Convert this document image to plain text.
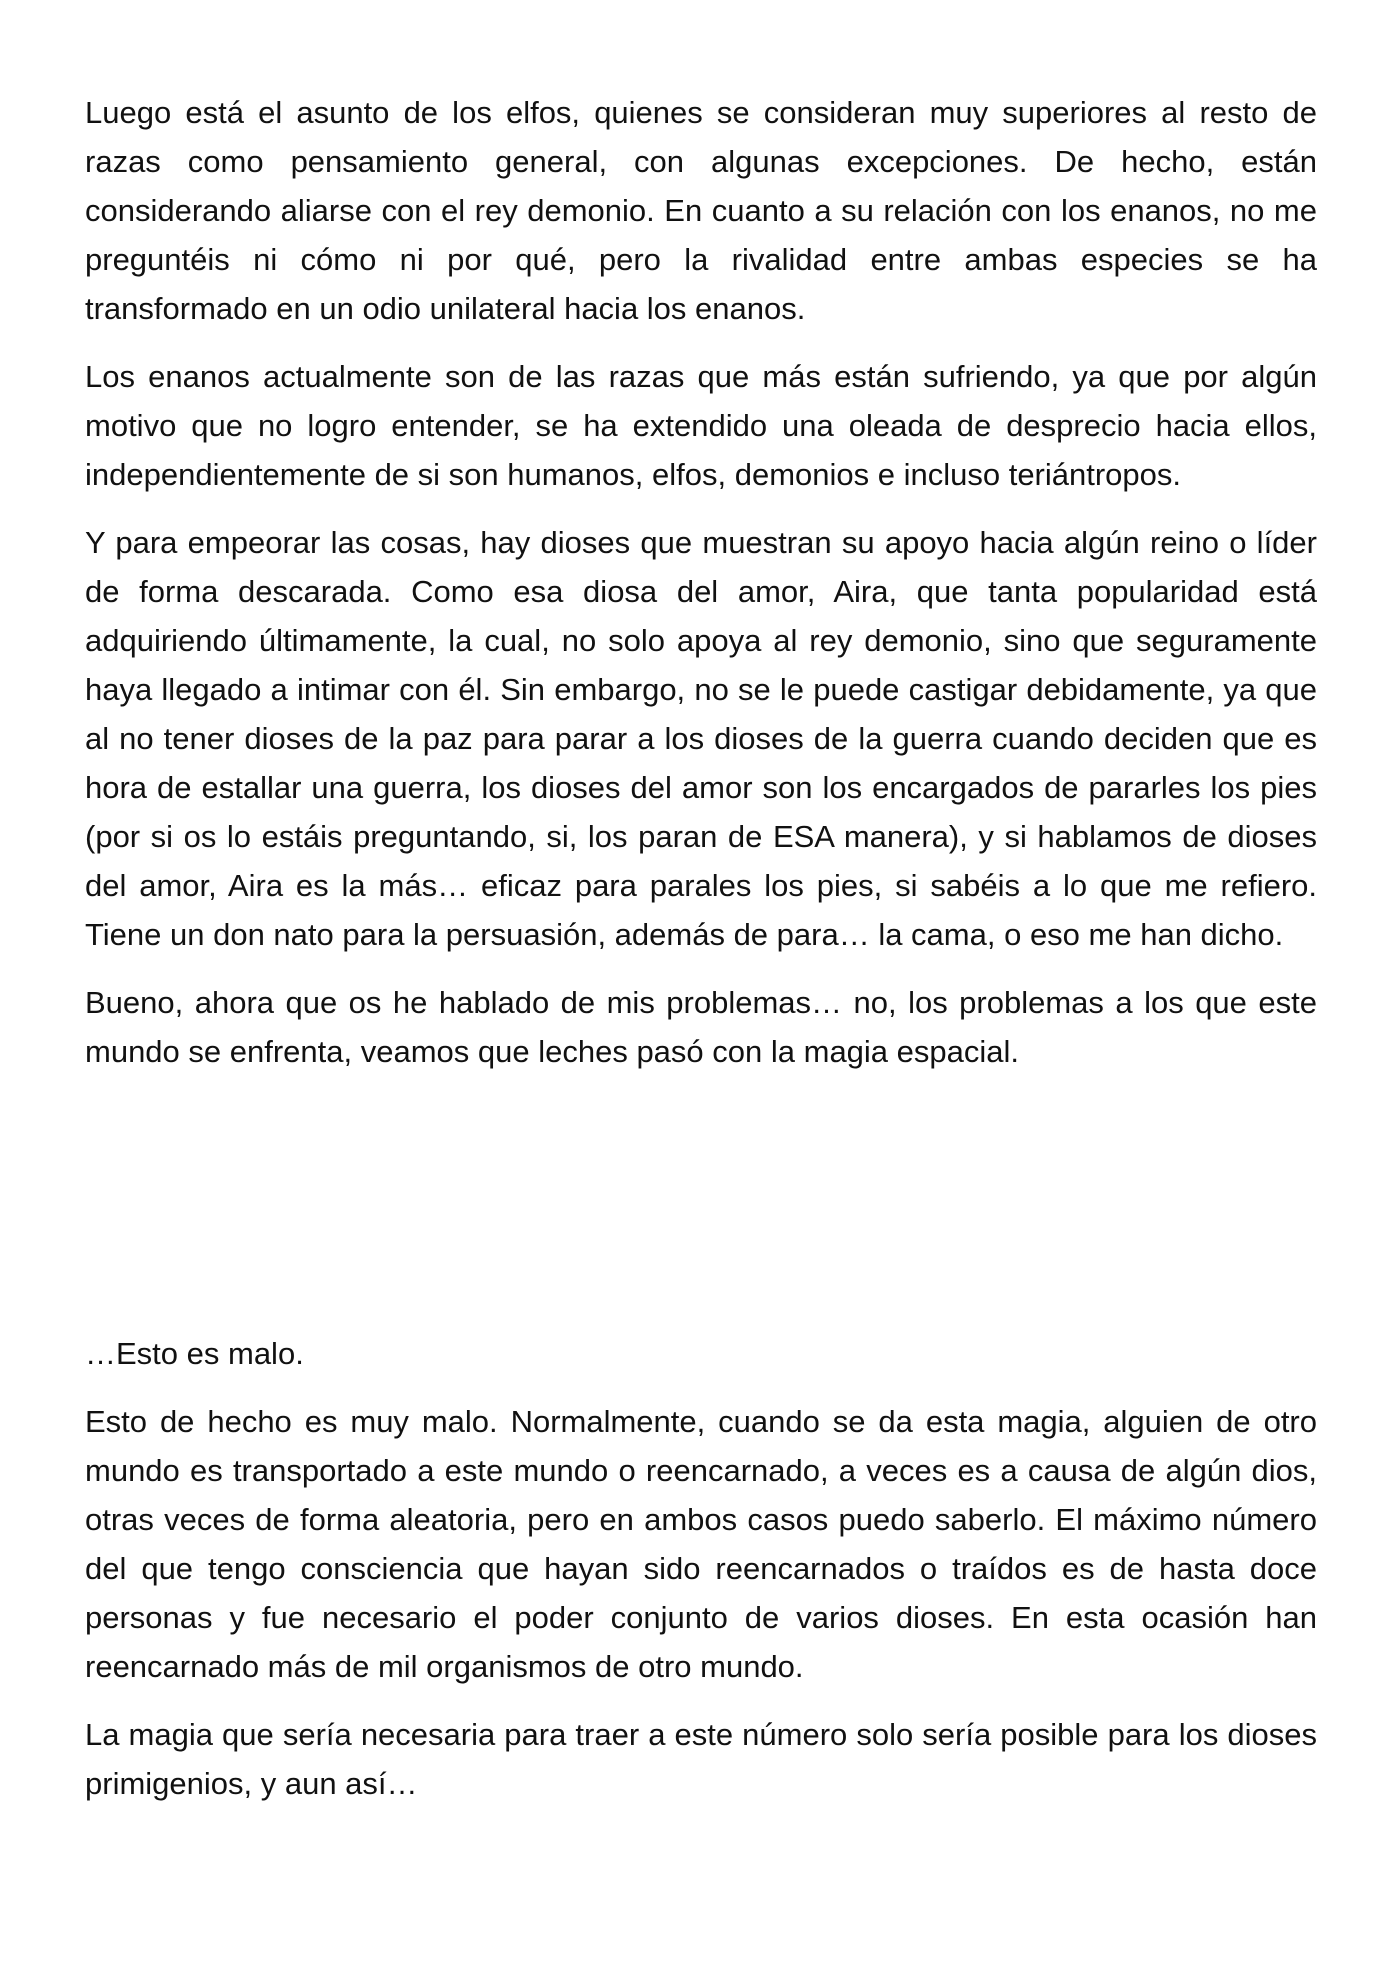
Luego está el asunto de los elfos, quienes se consideran muy superiores al resto de razas como pensamiento general, con algunas excepciones. De hecho, están considerando aliarse con el rey demonio. En cuanto a su relación con los enanos, no me preguntéis ni cómo ni por qué, pero la rivalidad entre ambas especies se ha transformado en un odio unilateral hacia los enanos.

Los enanos actualmente son de las razas que más están sufriendo, ya que por algún motivo que no logro entender, se ha extendido una oleada de desprecio hacia ellos, independientemente de si son humanos, elfos, demonios e incluso teriántropos.

Y para empeorar las cosas, hay dioses que muestran su apoyo hacia algún reino o líder de forma descarada. Como esa diosa del amor, Aira, que tanta popularidad está adquiriendo últimamente, la cual, no solo apoya al rey demonio, sino que seguramente haya llegado a intimar con él. Sin embargo, no se le puede castigar debidamente, ya que al no tener dioses de la paz para parar a los dioses de la guerra cuando deciden que es hora de estallar una guerra, los dioses del amor son los encargados de pararles los pies (por si os lo estáis preguntando, si, los paran de ESA manera), y si hablamos de dioses del amor, Aira es la más… eficaz para parales los pies, si sabéis a lo que me refiero. Tiene un don nato para la persuasión, además de para… la cama, o eso me han dicho.

Bueno, ahora que os he hablado de mis problemas… no, los problemas a los que este mundo se enfrenta, veamos que leches pasó con la magia espacial.

…Esto es malo.

Esto de hecho es muy malo. Normalmente, cuando se da esta magia, alguien de otro mundo es transportado a este mundo o reencarnado, a veces es a causa de algún dios, otras veces de forma aleatoria, pero en ambos casos puedo saberlo. El máximo número del que tengo consciencia que hayan sido reencarnados o traídos es de hasta doce personas y fue necesario el poder conjunto de varios dioses. En esta ocasión han reencarnado más de mil organismos de otro mundo.

La magia que sería necesaria para traer a este número solo sería posible para los dioses primigenios, y aun así…
